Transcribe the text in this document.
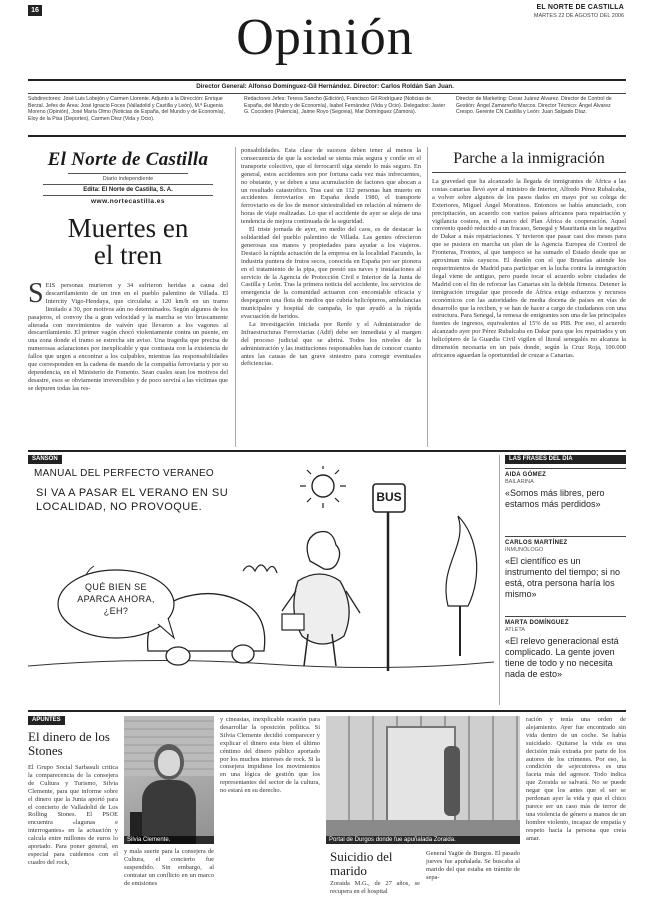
16	EL NORTE DE CASTILLA
MARTES 22 DE AGOSTO DEL 2006
Opinión
Director General: Alfonso Domínguez-Gil Hernández. Director: Carlos Roldán San Juan.
Subdirectores: José Luis Lobejón y Carmen Llorente. Adjunto a la Dirección: Enrique Berzal. Jefes de Área: José Ignacio Foces (Valladolid y Castilla y León), M.ª Eugenia Moreno (Opinión), José María Olmo (Noticias de España, del Mundo y de Economía), Eloy de la Pisa (Deportes), Carmen Díez (Vida y Ocio).
Redactores Jefes: Teresa Sancho (Edición), Francisco Gil Rodríguez (Noticias de España, del Mundo y de Economía), Isabel Fernández (Vida y Ocio). Delegados: Javier G. Cocodero (Palencia), Jaime Royo (Segovia), Mar Domínguez (Zamora).
Director de Marketing: Cesar Juárez Álvarez. Director de Control de Gestión: Ángel Zamarreño Marcos. Director Técnico: Ángel Álvarez Crespo. Gerente CN Castilla y León: Juan Salgado Díaz.
El Norte de Castilla
Diario independiente
Edita: El Norte de Castilla, S. A.
www.nortecastilla.es
Muertes en el tren
SEIS personas murieron y 34 sufrieron heridas a causa del descarrilamiento de un tren en el pueblo palentino de Villada. El Intercity Vigo-Hendaya, que circulaba a 120 km/h en un tramo limitado a 30, por motivos aún no determinados. Según algunos de los pasajeros, el convoy iba a gran velocidad y la marcha se vio bruscamente alterada con movimientos de vaivén que llevaron a los vagones al descarrilamiento. El primer vagón chocó violentamente contra un puente, en una zona donde el tramo se estrecha sin aviso. Una tragedia que precisa de numerosas aclaraciones por inexplicable y que contrasta con la existencia de fallos que urgen a encontrar a los culpables, mientras las responsabilidades que corresponden en la cadena de mando de la compañía ferroviaria y por su dependencia, en el Ministerio de Fomento. Sean cuales sean los motivos del desastre, esos se obviamente irreversibles y de poco servirá a las víctimas que se depuren todas las res-

ponsabilidades. Esta clase de sucesos deben tener al menos la consecuencia de que la sociedad se sienta más segura y confíe en el transporte colectivo, que el ferrocarril siga siendo lo más seguro. En general, estos accidentes son por fortuna cada vez más infrecuentes, no obstante, y se deben a una acumulación de factores que abocan a un resultado catastrófico. Tras casi un 112 personas han muerto en accidentes ferroviarios en España desde 1980, el transporte ferroviario es de los de menor siniestralidad en relación al número de horas de viaje realizadas. Lo que el accidente de ayer se aleja de una tendencia de mejora continuada de la seguridad.

El triste jornada de ayer, en medio del caos, es de destacar la solidaridad del pueblo palentino de Villada. Las gentes ofrecieron generosas sus manos y propiedades para ayudar a los viajeros. Destacó la rápida actuación de la empresa en la localidad Facundo, la industria puntera de frutos secos, conocida en España por ser pionera en el tratamiento de la pipa, que prestó sus naves y instalaciones al servicio de la Agencia de Protección Civil e Interior de la Junta de Castilla y León. Tras la primera noticia del accidente, los servicios de emergencia de la comunidad actuaron con encomiable eficacia y despegaron una flota de medios que cubría helicópteros, ambulancias municipales y hospital de campaña, lo que ayudó a la rápida evacuación de heridos.

La investigación iniciada por Renfe y el Administrador de Infraestructuras Ferroviarias (Adif) debe ser inmediata y al margen del proceso judicial que se abrirá. Todos los niveles de la administración y las instituciones responsables han de conocer cuanto antes las causas de tan grave siniestro para corregir eventuales deficiencias.

Parche a la inmigración
La gravedad que ha alcanzado la llegada de inmigrantes de África a las costas canarias llevó ayer al ministro de Interior, Alfredo Pérez Rubalcaba, a volver sobre algunos de los pasos dados en mayo por su colega de Exteriores, Miguel Ángel Moratinos. Entonces se había anunciado, con precipitación, un acuerdo con varios países africanos para repatriación y vigilancia costera, en el marco del Plan África de cooperación. Aquel convenio quedó reducido a un fracaso, Senegal y Mauritania sin la negativa de Dakar a más repatriaciones. Y tuvieron que pasar casi dos meses para que se pusiera en marcha un plan de la Agencia Europea de Control de Fronteras, Frontex, al que tampoco se ha sumado el Estado desde que se aproximan más cayucos. El desdén con el que Bruselas atiende los requerimientos de Madrid para participar en la lucha contra la inmigración ilegal viene de antiguo, pero puede tocar el acuerdo sobre ciudades de Madrid con el fin de reforzar las Canarias sin la debida firmeza. Detener la inmigración irregular que procede de África exige esfuerzos y recursos económicos con las autoridades de media docena de países en vías de desarrollo que la reciben, y se han de hacer a cargo de ciudadanos con una estructura. Para Senegal, la remesa de emigrantes son una de las principales fuentes de ingresos, equivalentes al 15% de su PIB. Por eso, el acuerdo alcanzado ayer por Pérez Rubalcaba en Dakar para que los repatriados y un helicóptero de la Guardia Civil vigilen el litoral senegalés no alcanza la dimensión necesaria en un país donde, según la Cruz Roja, 100.000 africanos aguardan la oportunidad de cruzar a Canarias.
SANSÓN
MANUAL DEL PERFECTO VERANEO
SI VA A PASAR EL VERANO EN SU LOCALIDAD, NO PROVOQUE.
QUÉ BIEN SE APARCA AHORA, ¿EH?
BUS
LAS FRASES DEL DÍA
AIDA GÓMEZ
BAILARINA
«Somos más libres, pero estamos más perdidos»
CARLOS MARTÍNEZ
INMUNÓLOGO
«El científico es un instrumento del tiempo; si no está, otra persona haría los mismo»
MARTA DOMÍNGUEZ
ATLETA
«El relevo generacional está complicado. La gente joven tiene de todo y no necesita nada de esto»
APUNTES
El dinero de los Stones
El Grupo Social Sarbasuli critica la comparecencia de la consejera de Cultura y Turismo, Silvia Clemente, para que informe sobre el dinero que la Junta aportó para el concierto de Valladolid de Los Rolling Stones. El PSOE encuentra «lagunas e interrogantes» en la actuación y calcula entre millones de euros lo aportado. Para poner general, en especial para cuidemos con el cuadro del rock,
Silvia Clemente.
y mala suerte para la consejera de Cultura, el concierto fue suspendido. Sin embargo, al contratar un conflicto en un marco de emisiones
y cineastas, inexplicable ocasión para desarrollar la oposición política. Si Silvia Clemente decidió comparecer y explicar el dinero esta bien el último céntimo del dinero público aportado por los muchos intereses de rock. Si la consejera impidiese los movimientos en una lógica de gestión que los representantes del sector de la cultura, no estará en su derecho.
Portal de Durgos donde fue apuñalada Zoraida.
Suicidio del marido
Zoraida M.G., de 27 años, se recupera en el hospital
General Yagüe de Burgos. El pasado jueves fue apuñalada. Se buscaba al marido del que estaba en trámite de sepa-
ración y tenía una orden de alejamiento. Ayer fue encontrado sin vida dentro de un coche. Se había suicidado. Quitarse la vida es una decisión más extraña por parte de los autores de los crímenes. Por eso, la condición de «ejecutores» es una faceta más del agresor. Todo indica que Zoraida se salvará. No se puede negar que los antes que el ser se perdonan ayer la vida y que el chico parece ser un caso más de terror de una violencia de género a manos de un hombre violento, incapaz de empatía y respeto hacia la persona que creía amar.
